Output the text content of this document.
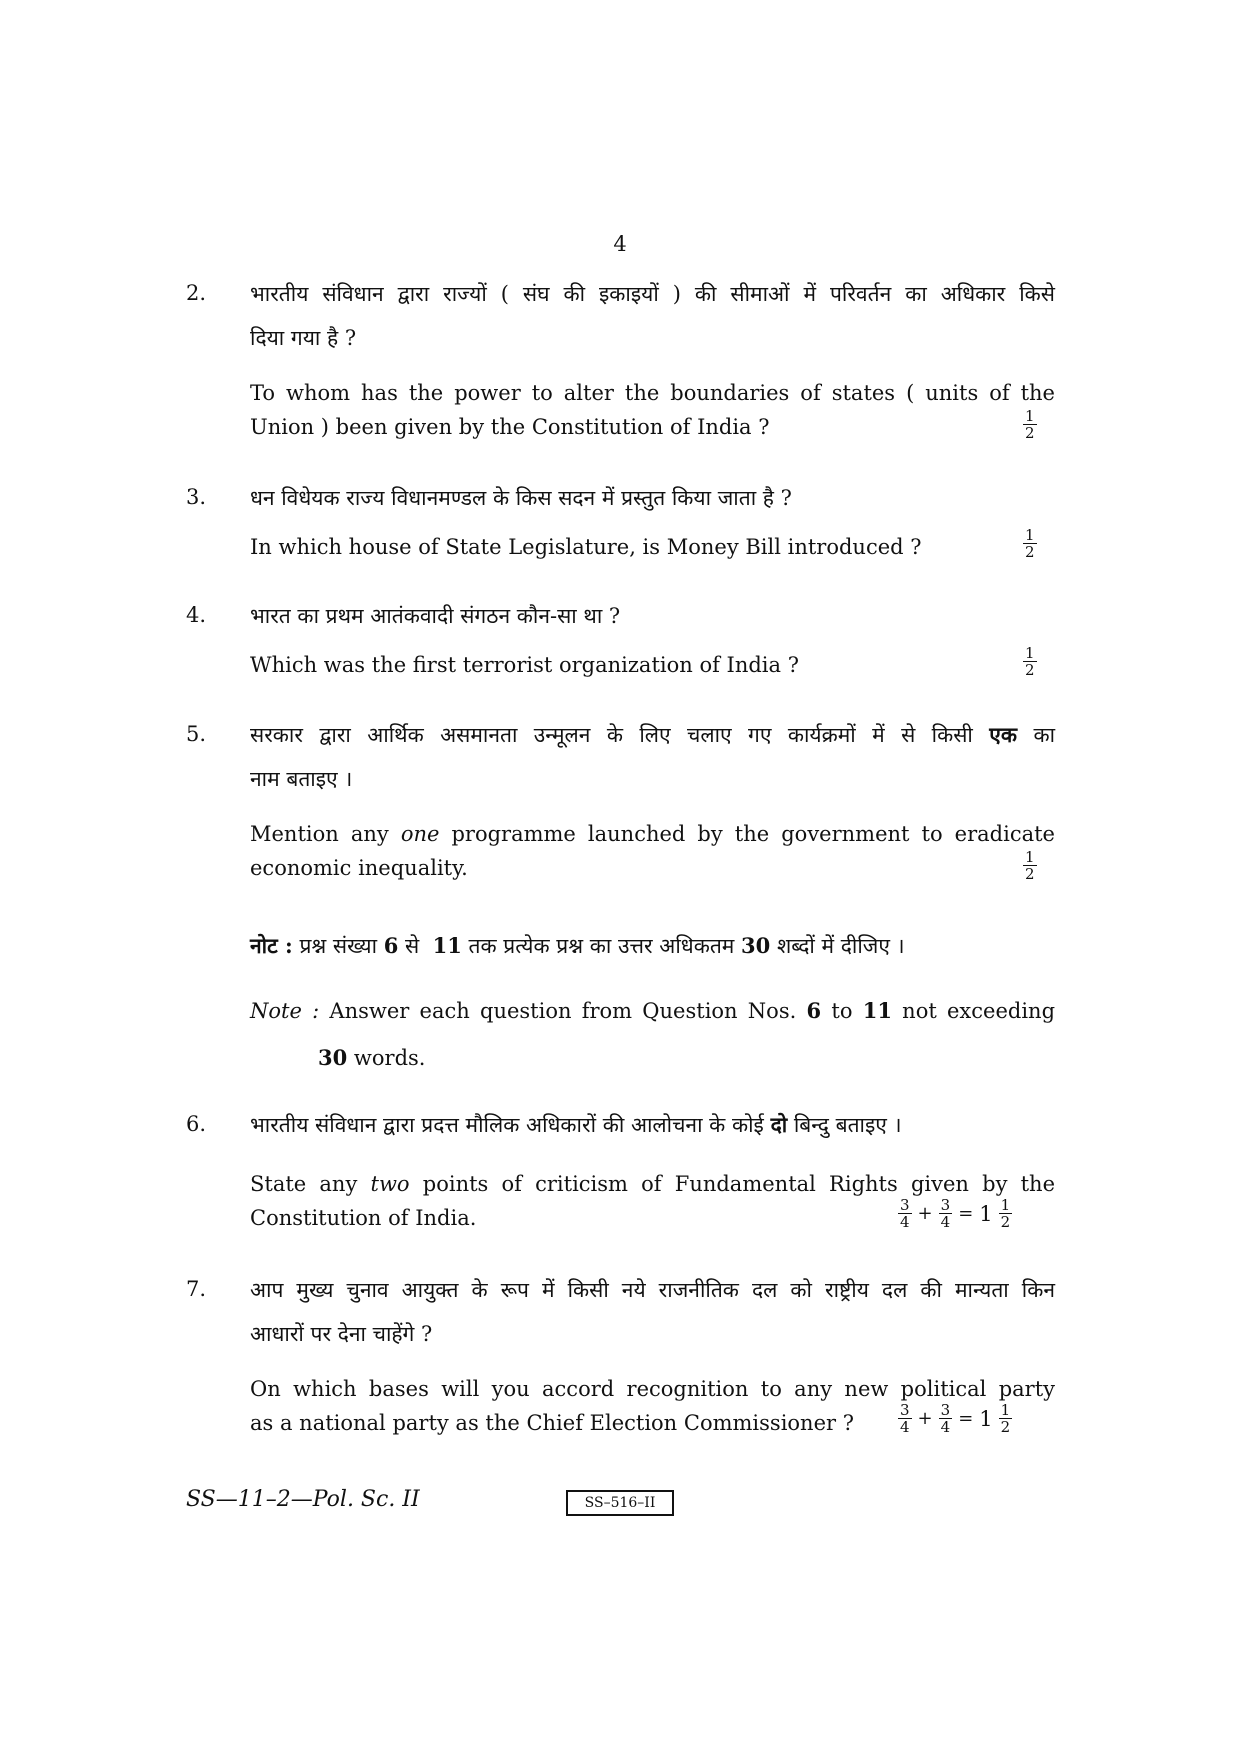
4
2. भारतीय संविधान द्वारा राज्यों ( संघ की इकाइयों ) की सीमाओं में परिवर्तन का अधिकार किसे
दिया गया है ?
To whom has the power to alter the boundaries of states ( units of the
Union ) been given by the Constitution of India ?	$\frac{1}{2}$
3. धन विधेयक राज्य विधानमण्डल के किस सदन में प्रस्तुत किया जाता है ?
In which house of State Legislature, is Money Bill introduced ?	$\frac{1}{2}$
4. भारत का प्रथम आतंकवादी संगठन कौन-सा था ?
Which was the first terrorist organization of India ?	$\frac{1}{2}$
5. सरकार द्वारा आर्थिक असमानता उन्मूलन के लिए चलाए गए कार्यक्रमों में से किसी एक का
नाम बताइए ।
Mention any one programme launched by the government to eradicate
economic inequality.	$\frac{1}{2}$
नोट : प्रश्न संख्या 6 से 11 तक प्रत्येक प्रश्न का उत्तर अधिकतम 30 शब्दों में दीजिए ।
Note : Answer each question from Question Nos. 6 to 11 not exceeding
30 words.
6. भारतीय संविधान द्वारा प्रदत्त मौलिक अधिकारों की आलोचना के कोई दो बिन्दु बताइए ।
State any two points of criticism of Fundamental Rights given by the
Constitution of India.	$\frac{3}{4} + \frac{3}{4} = 1 \frac{1}{2}$
7. आप मुख्य चुनाव आयुक्त के रूप में किसी नये राजनीतिक दल को राष्ट्रीय दल की मान्यता किन
आधारों पर देना चाहेंगे ?
On which bases will you accord recognition to any new political party
as a national party as the Chief Election Commissioner ?	$\frac{3}{4} + \frac{3}{4} = 1 \frac{1}{2}$
SS—11–2—Pol. Sc. II	SS–516–II
